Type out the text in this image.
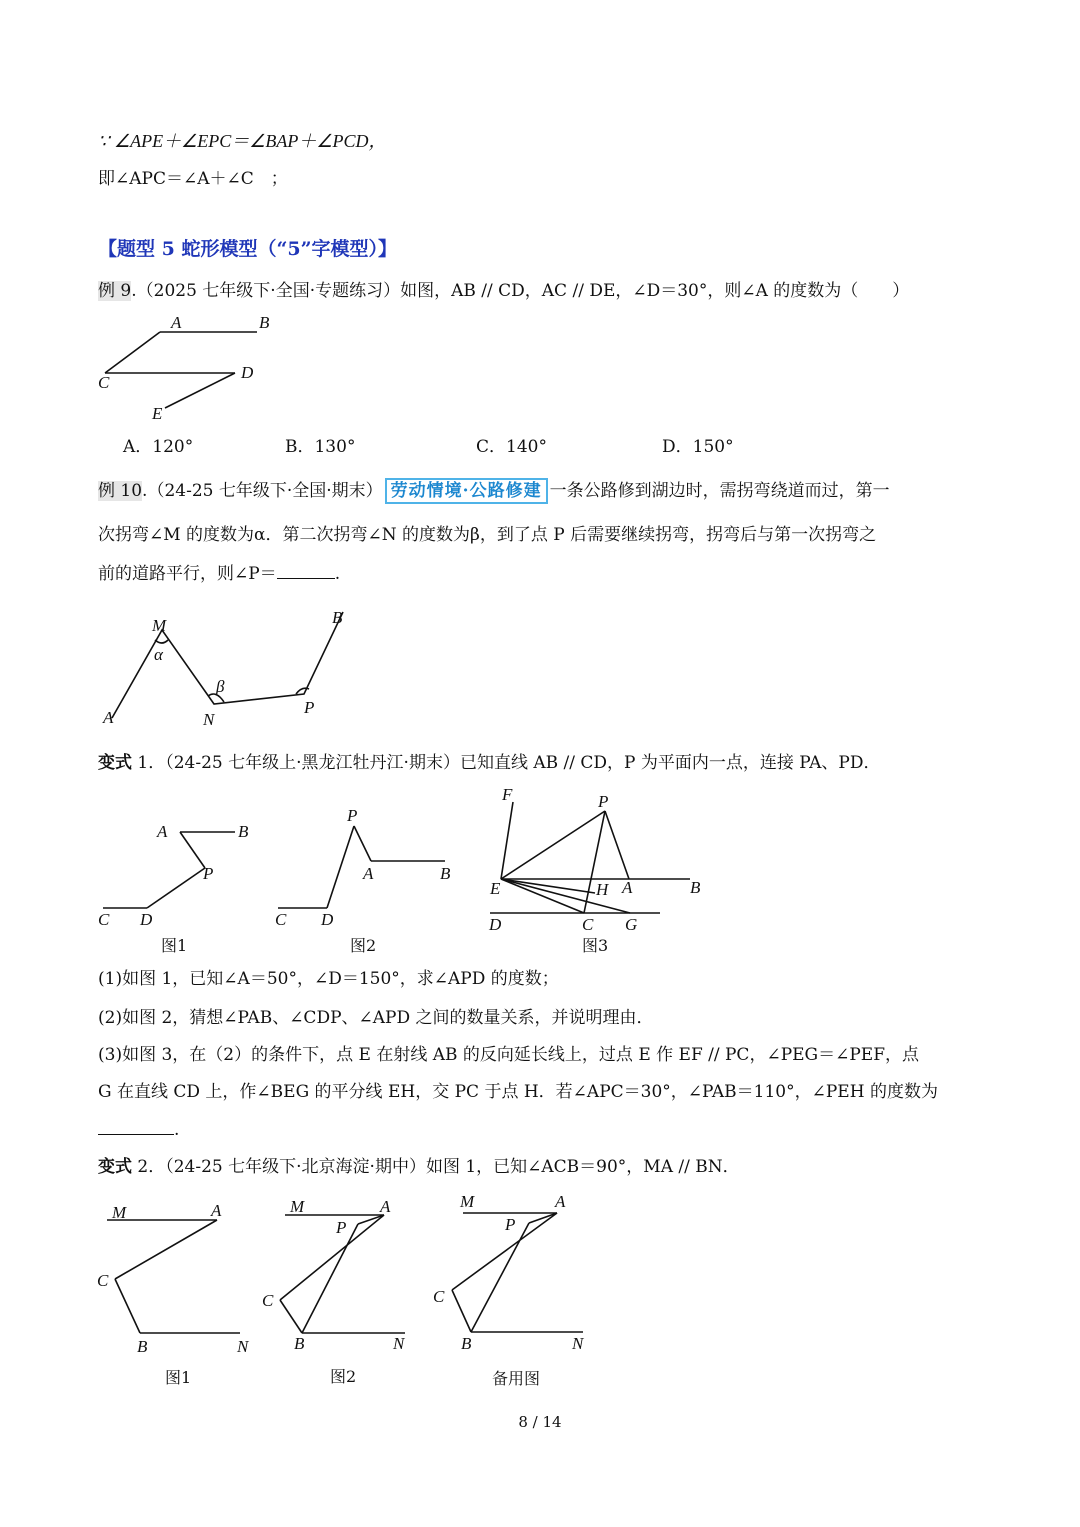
∵ ∠APE＋∠EPC＝∠BAP＋∠PCD，
即∠APC＝∠A＋∠C　；
【题型 5 蛇形模型（“5”字模型）】
例 9.（2025 七年级下·全国·专题练习）如图，AB // CD，AC // DE，∠D＝30°，则∠A 的度数为（　　）
A	B
C
D
E
A．120°	B．130°	C．140°	D．150°
例 10.（24-25 七年级下·全国·期末） 劳动情境·公路修建 一条公路修到湖边时，需拐弯绕道而过，第一
次拐弯∠M 的度数为α．第二次拐弯∠N 的度数为β，到了点 P 后需要继续拐弯，拐弯后与第一次拐弯之
前的道路平行，则∠P＝	.
M
α
β
N
P
A
B
变式 1．（24-25 七年级上·黑龙江牡丹江·期末）已知直线 AB // CD，P 为平面内一点，连接 PA、PD．
A	B
P
C D
图1
P
A	B
C D
图2
F	P
E	H A	B
D	C G
图3
(1)如图 1，已知∠A＝50°，∠D＝150°，求∠APD 的度数；
(2)如图 2，猜想∠PAB、∠CDP、∠APD 之间的数量关系，并说明理由．
(3)如图 3，在（2）的条件下，点 E 在射线 AB 的反向延长线上，过点 E 作 EF // PC，∠PEG＝∠PEF，点
G 在直线 CD 上，作∠BEG 的平分线 EH，交 PC 于点 H．若∠APC＝30°，∠PAB＝110°，∠PEH 的度数为
.
变式 2．（24-25 七年级下·北京海淀·期中）如图 1，已知∠ACB＝90°，MA // BN．
M	A
C
B	N
图1
M	A
P
C
B	N
图2
M	A
P
C
B	N
备用图
8 / 14
